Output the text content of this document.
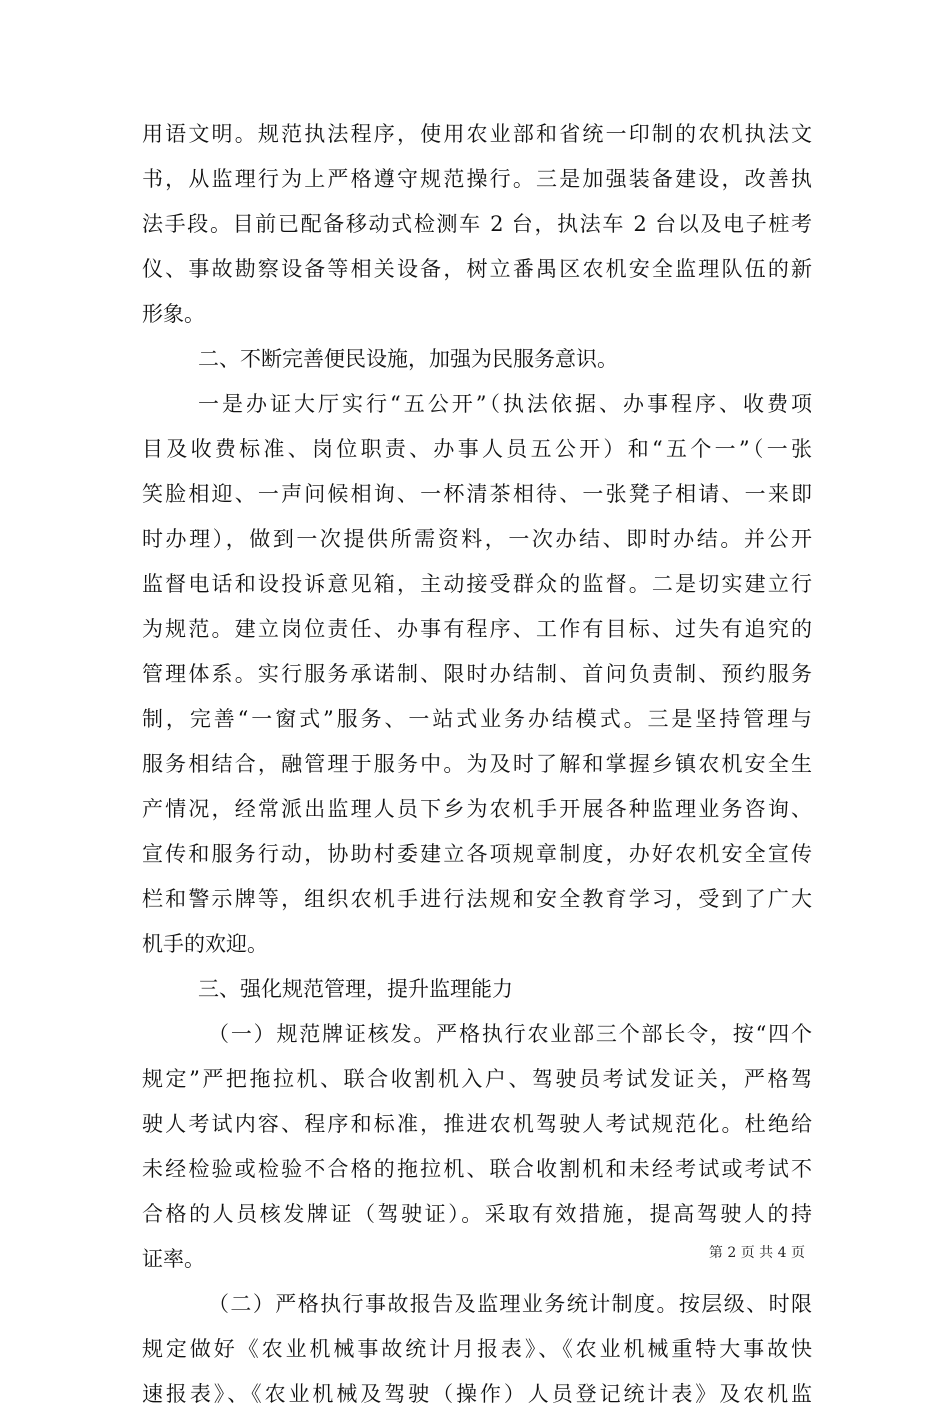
用语文明。规范执法程序，使用农业部和省统一印制的农机执法文
书，从监理行为上严格遵守规范操行。三是加强装备建设，改善执
法手段。目前已配备移动式检测车 2 台，执法车 2 台以及电子桩考
仪、事故勘察设备等相关设备，树立番禺区农机安全监理队伍的新
形象。
二、不断完善便民设施，加强为民服务意识。
一是办证大厅实行“五公开”（执法依据、办事程序、收费项
目及收费标准、岗位职责、办事人员五公开）和“五个一”（一张
笑脸相迎、一声问候相询、一杯清茶相待、一张凳子相请、一来即
时办理），做到一次提供所需资料，一次办结、即时办结。并公开
监督电话和设投诉意见箱，主动接受群众的监督。二是切实建立行
为规范。建立岗位责任、办事有程序、工作有目标、过失有追究的
管理体系。实行服务承诺制、限时办结制、首问负责制、预约服务
制，完善“一窗式”服务、一站式业务办结模式。三是坚持管理与
服务相结合，融管理于服务中。为及时了解和掌握乡镇农机安全生
产情况，经常派出监理人员下乡为农机手开展各种监理业务咨询、
宣传和服务行动，协助村委建立各项规章制度，办好农机安全宣传
栏和警示牌等，组织农机手进行法规和安全教育学习，受到了广大
机手的欢迎。
三、强化规范管理，提升监理能力
（一）规范牌证核发。严格执行农业部三个部长令，按“四个
规定”严把拖拉机、联合收割机入户、驾驶员考试发证关，严格驾
驶人考试内容、程序和标准，推进农机驾驶人考试规范化。杜绝给
未经检验或检验不合格的拖拉机、联合收割机和未经考试或考试不
合格的人员核发牌证（驾驶证）。采取有效措施，提高驾驶人的持
证率。
（二）严格执行事故报告及监理业务统计制度。按层级、时限
规定做好《农业机械事故统计月报表》、《农业机械重特大事故快
速报表》、《农业机械及驾驶（操作）人员登记统计表》及农机监
第 2 页 共 4 页
